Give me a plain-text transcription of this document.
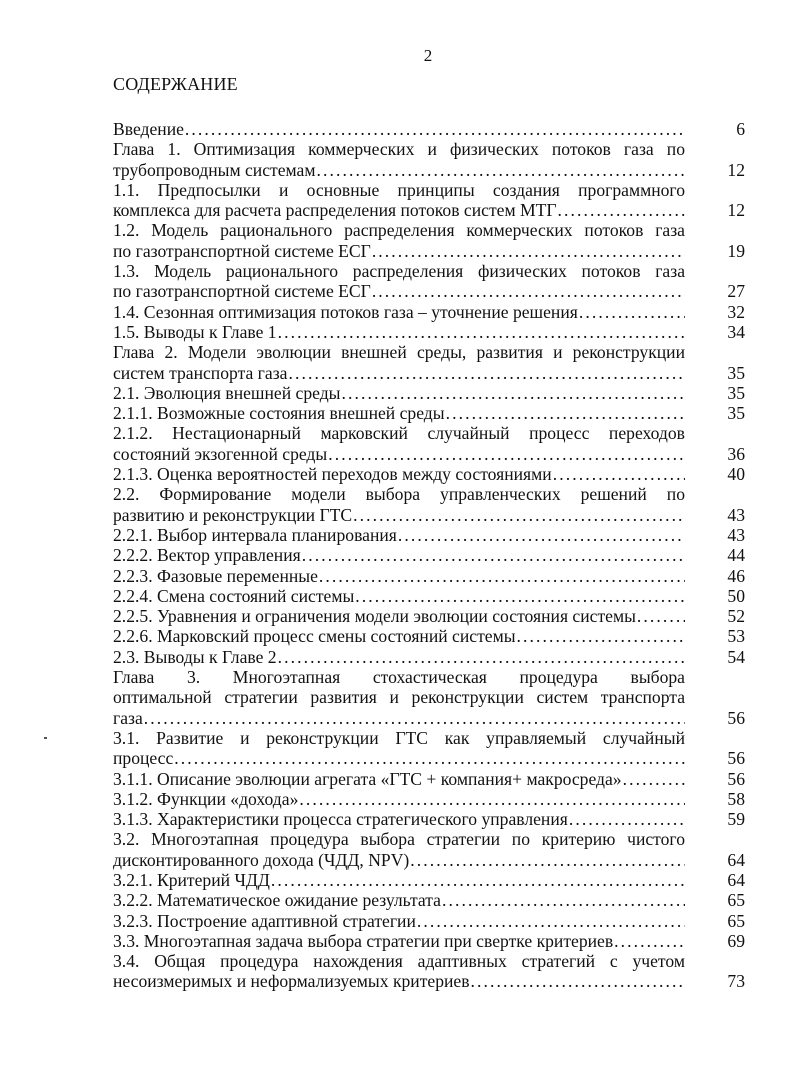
2
СОДЕРЖАНИЕ
Введение .....	6
Глава 1. Оптимизация коммерческих и физических потоков газа по
трубопроводным системам .....	12
1.1. Предпосылки и основные принципы создания программного
комплекса для расчета распределения потоков систем МТГ .....	12
1.2. Модель рационального распределения коммерческих потоков газа
по газотранспортной системе ЕСГ .....	19
1.3. Модель рационального распределения физических потоков газа
по газотранспортной системе ЕСГ .....	27
1.4. Сезонная оптимизация потоков газа – уточнение решения .....	32
1.5. Выводы к Главе 1 .....	34
Глава 2. Модели эволюции внешней среды, развития и реконструкции
систем транспорта газа .....	35
2.1. Эволюция внешней среды .....	35
2.1.1. Возможные состояния внешней среды .....	35
2.1.2. Нестационарный марковский случайный процесс переходов
состояний экзогенной среды .....	36
2.1.3. Оценка вероятностей переходов между состояниями .....	40
2.2. Формирование модели выбора управленческих решений по
развитию и реконструкции ГТС .....	43
2.2.1. Выбор интервала планирования .....	43
2.2.2. Вектор управления .....	44
2.2.3. Фазовые переменные .....	46
2.2.4. Смена состояний системы .....	50
2.2.5. Уравнения и ограничения модели эволюции состояния системы .....	52
2.2.6. Марковский процесс смены состояний системы .....	53
2.3. Выводы к Главе 2 .....	54
Глава 3. Многоэтапная стохастическая процедура выбора
оптимальной стратегии развития и реконструкции систем транспорта
газа .....	56
3.1. Развитие и реконструкции ГТС как управляемый случайный
процесс .....	56
3.1.1. Описание эволюции агрегата «ГТС + компания+ макросреда» .....	56
3.1.2. Функции «дохода» .....	58
3.1.3. Характеристики процесса стратегического управления .....	59
3.2. Многоэтапная процедура выбора стратегии по критерию чистого
дисконтированного дохода (ЧДД, NPV) .....	64
3.2.1. Критерий ЧДД .....	64
3.2.2. Математическое ожидание результата .....	65
3.2.3. Построение адаптивной стратегии .....	65
3.3. Многоэтапная задача выбора стратегии при свертке критериев .....	69
3.4. Общая процедура нахождения адаптивных стратегий с учетом
несоизмеримых и неформализуемых критериев .....	73
